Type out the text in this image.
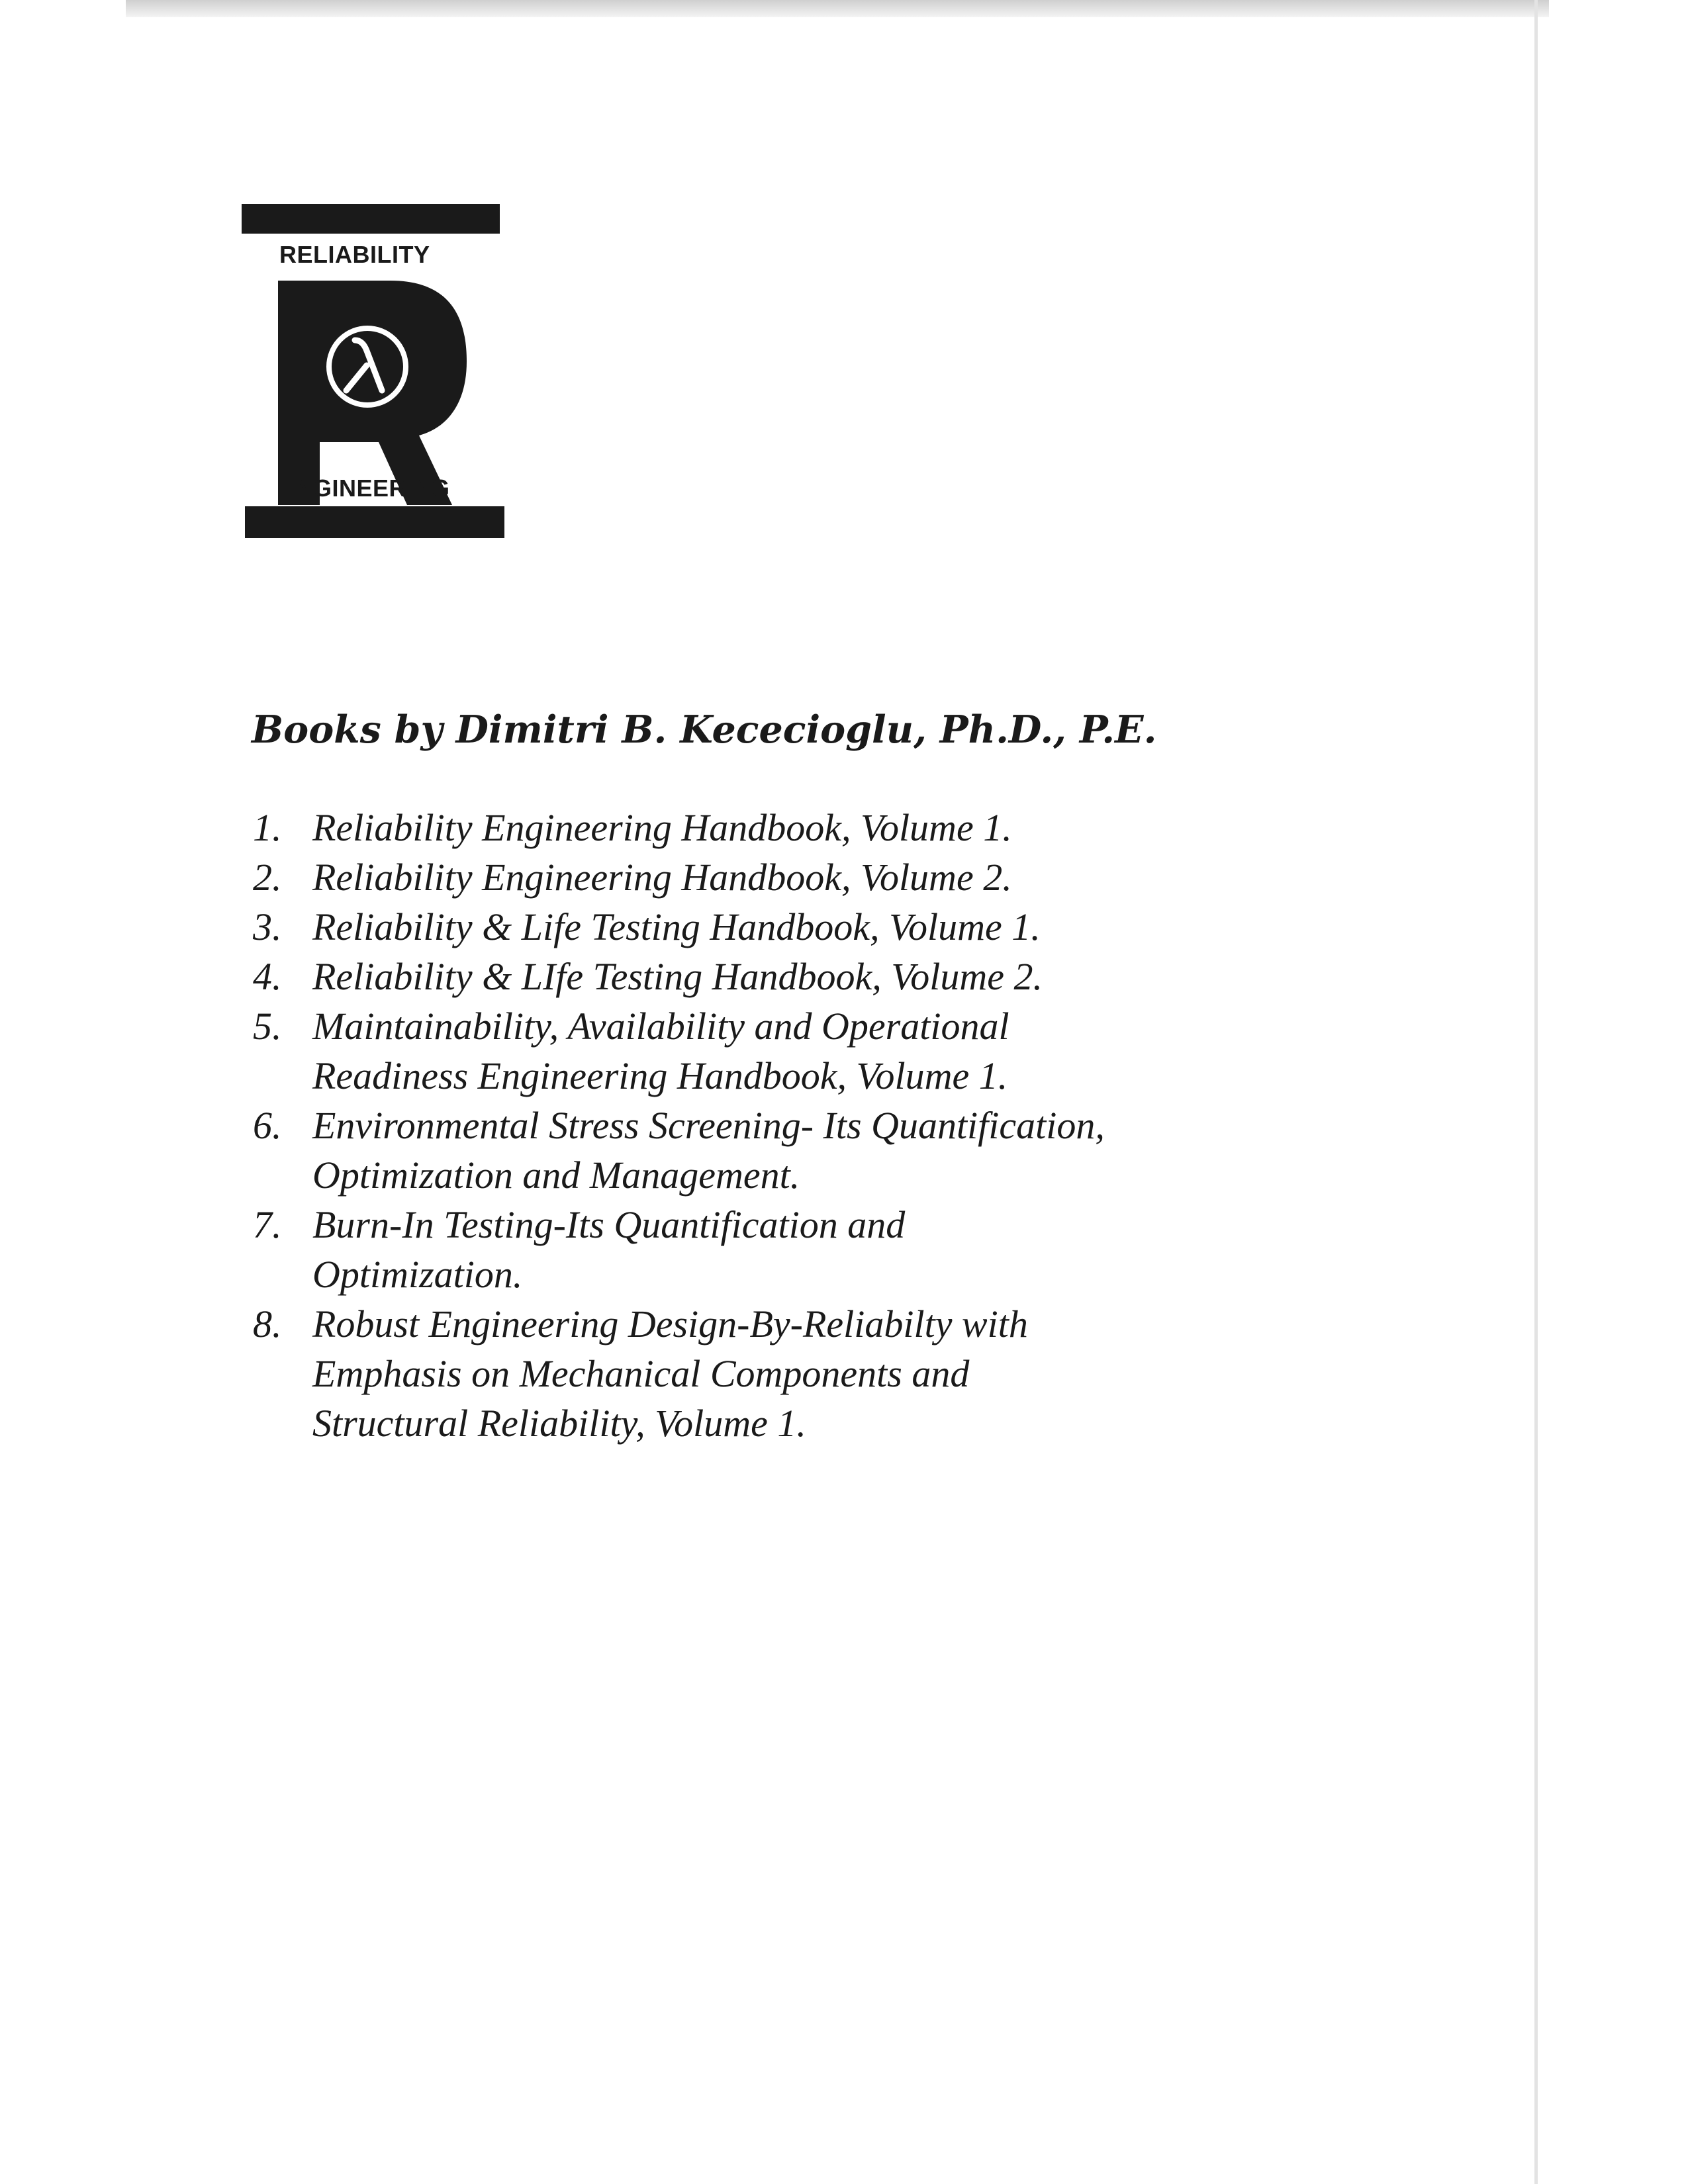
RELIABILITY
ENGINEERING
Books by Dimitri B. Kececioglu, Ph.D., P.E.
1. Reliability Engineering Handbook, Volume 1.
2. Reliability Engineering Handbook, Volume 2.
3. Reliability & Life Testing Handbook, Volume 1.
4. Reliability & LIfe Testing Handbook, Volume 2.
5. Maintainability, Availability and Operational
Readiness Engineering Handbook, Volume 1.
6. Environmental Stress Screening- Its Quantification,
Optimization and Management.
7. Burn-In Testing-Its Quantification and
Optimization.
8. Robust Engineering Design-By-Reliabilty with
Emphasis on Mechanical Components and
Structural Reliability, Volume 1.
